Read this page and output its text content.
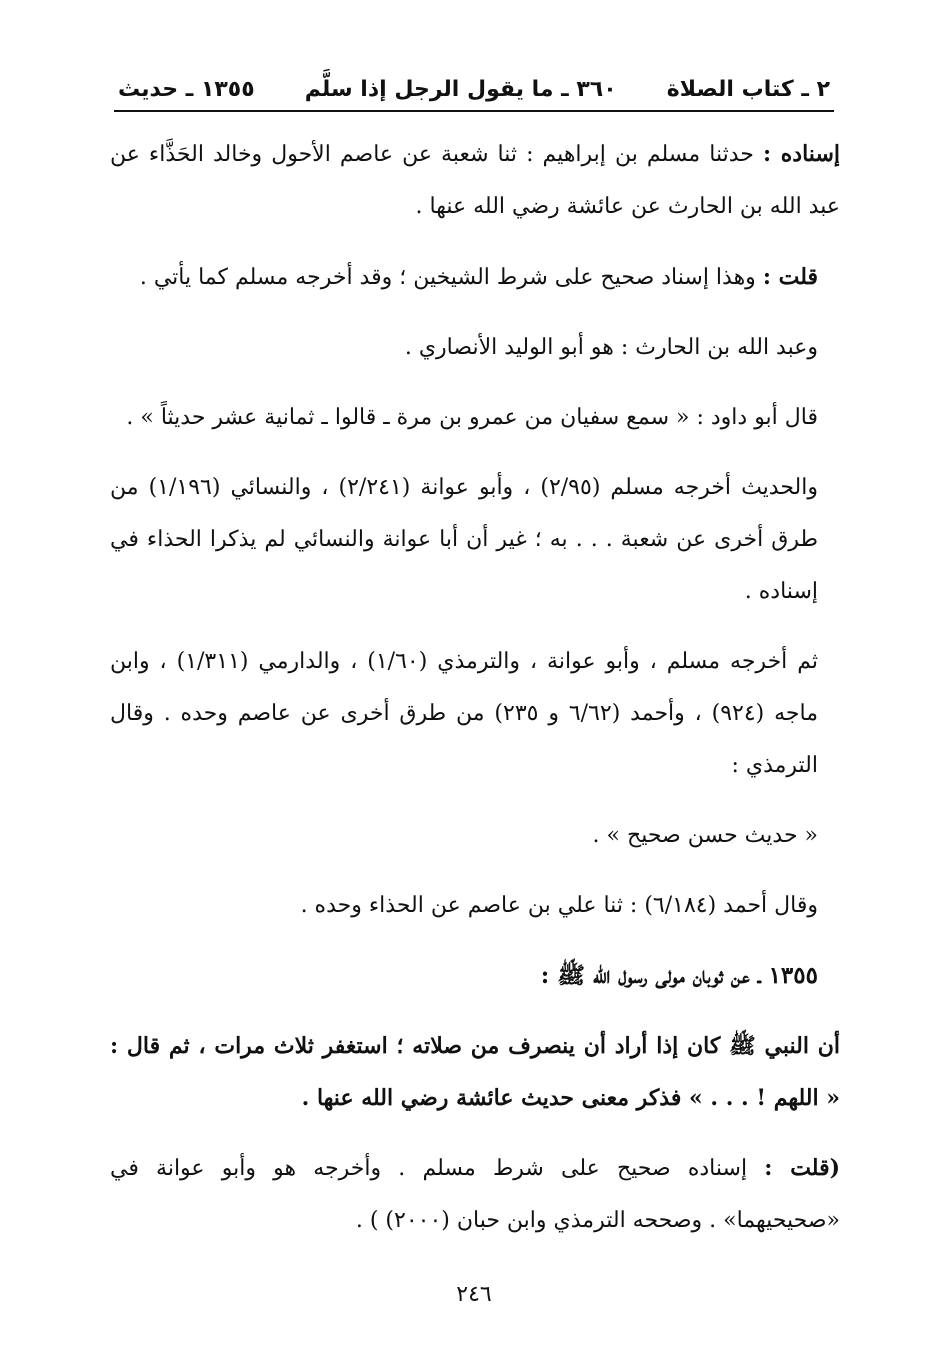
٢ ـ كتاب الصلاة
٣٦٠ ـ ما يقول الرجل إذا سلَّم
١٣٥٥ ـ حديث

إسناده : حدثنا مسلم بن إبراهيم : ثنا شعبة عن عاصم الأحول وخالد الحَذَّاء عن عبد الله بن الحارث عن عائشة رضي الله عنها .

قلت : وهذا إسناد صحيح على شرط الشيخين ؛ وقد أخرجه مسلم كما يأتي .

وعبد الله بن الحارث : هو أبو الوليد الأنصاري .

قال أبو داود : « سمع سفيان من عمرو بن مرة ـ قالوا ـ ثمانية عشر حديثاً » .

والحديث أخرجه مسلم (٢/٩٥) ، وأبو عوانة (٢/٢٤١) ، والنسائي (١/١٩٦) من طرق أخرى عن شعبة . . . به ؛ غير أن أبا عوانة والنسائي لم يذكرا الحذاء في إسناده .

ثم أخرجه مسلم ، وأبو عوانة ، والترمذي (١/٦٠) ، والدارمي (١/٣١١) ، وابن ماجه (٩٢٤) ، وأحمد (٦/٦٢ و ٢٣٥) من طرق أخرى عن عاصم وحده . وقال الترمذي :

« حديث حسن صحيح » .

وقال أحمد (٦/١٨٤) : ثنا علي بن عاصم عن الحذاء وحده .

١٣٥٥ ـ عن ثوبان مولى رسول الله ﷺ :

أن النبي ﷺ كان إذا أراد أن ينصرف من صلاته ؛ استغفر ثلاث مرات ، ثم قال : « اللهم ! . . . » فذكر معنى حديث عائشة رضي الله عنها .

(قلت : إسناده صحيح على شرط مسلم . وأخرجه هو وأبو عوانة في «صحيحيهما» . وصححه الترمذي وابن حبان (٢٠٠٠) ) .

٢٤٦
